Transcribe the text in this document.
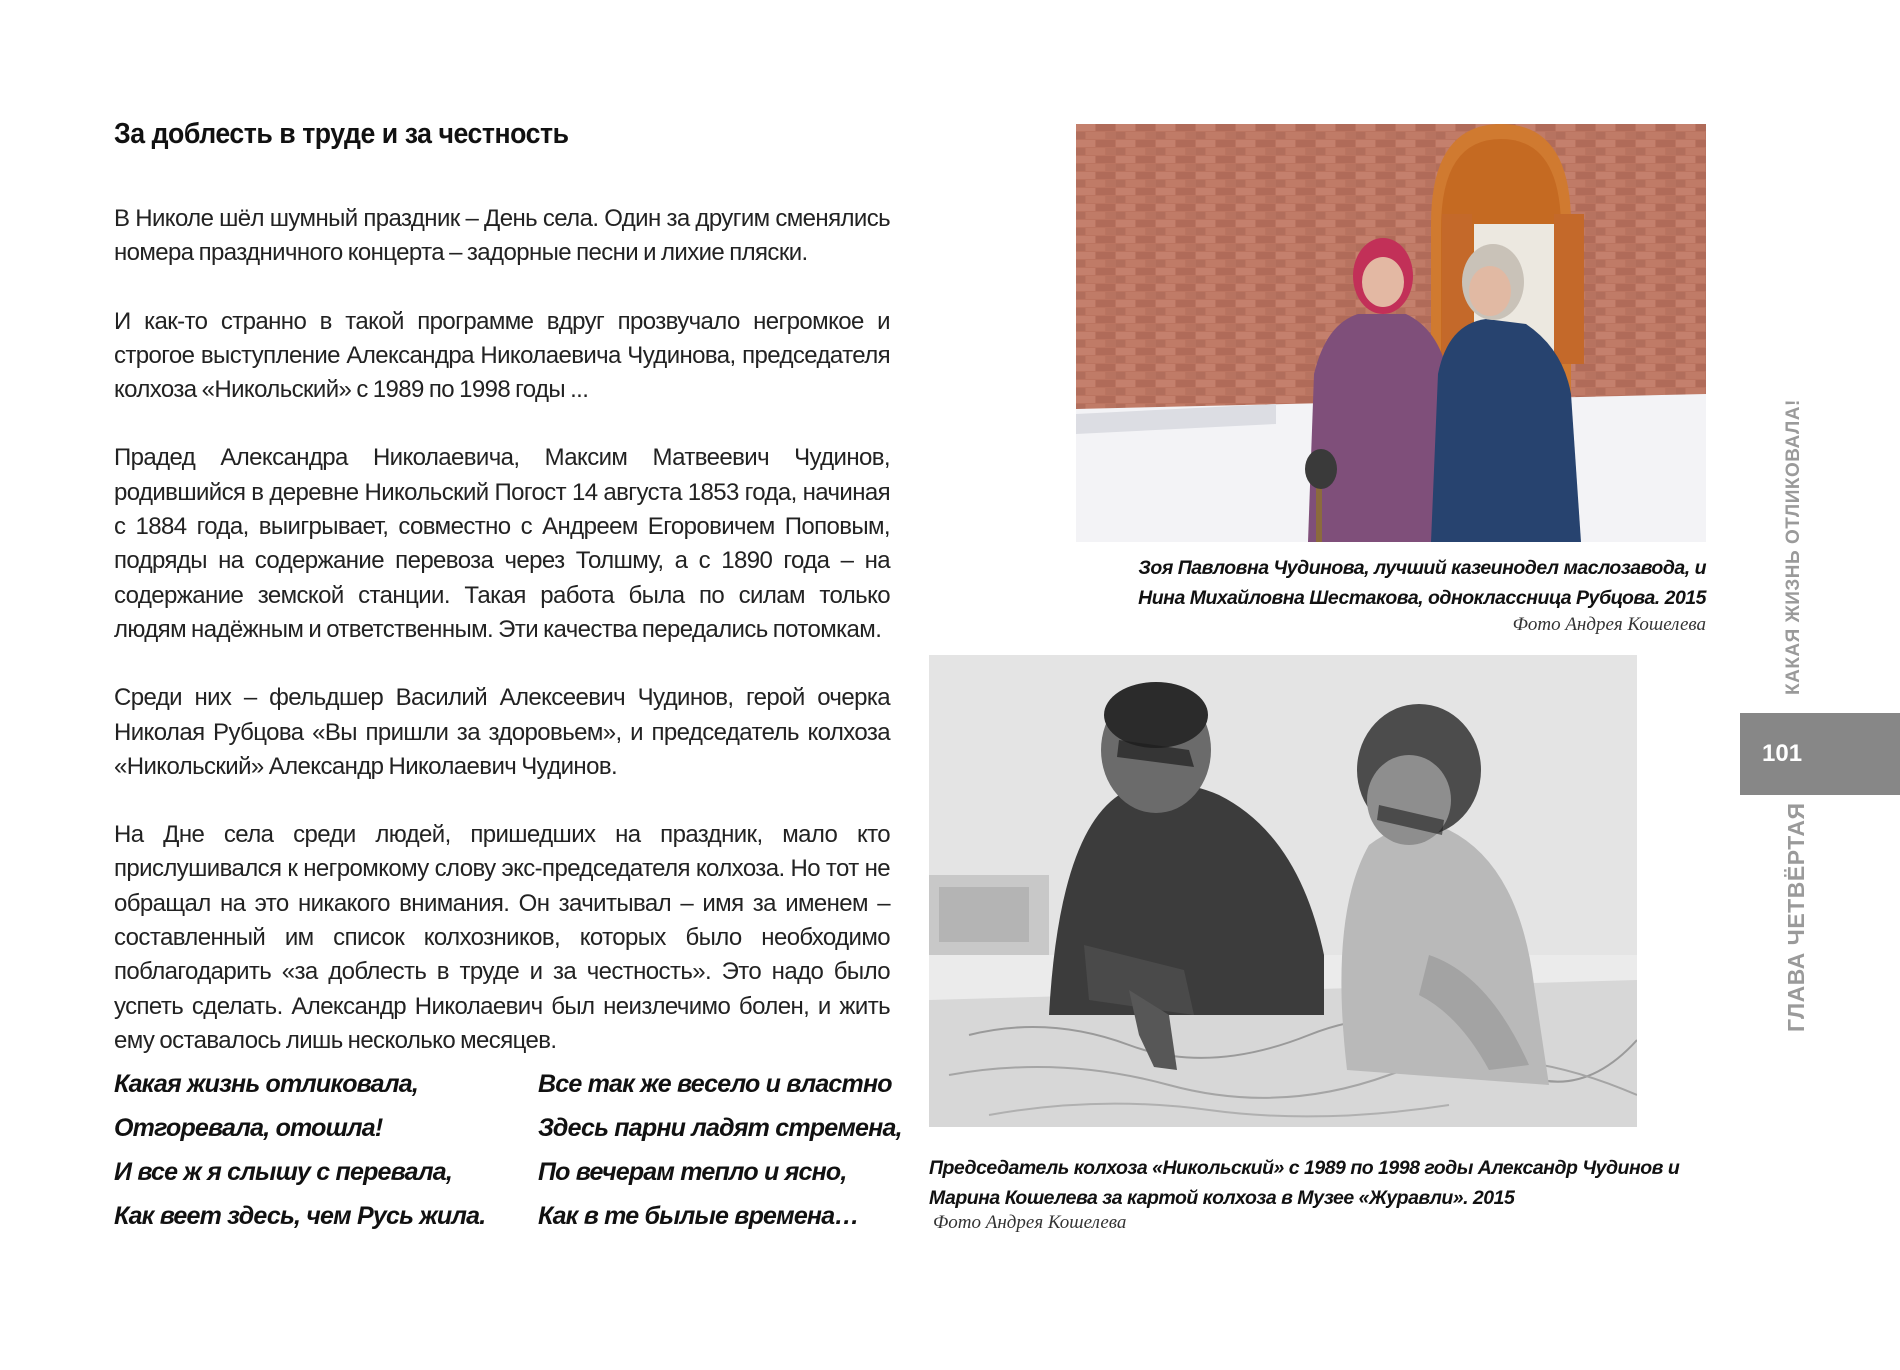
За доблесть в труде и за честность

В Николе шёл шумный праздник – День села. Один за другим сменялись номера праздничного концерта – задорные песни и лихие пляски.

И как-то странно в такой программе вдруг прозвучало негромкое и строгое выступление Александра Николаевича Чудинова, председателя колхоза «Никольский» с 1989 по 1998 годы ...

Прадед Александра Николаевича, Максим Матвеевич Чудинов, родившийся в деревне Никольский Погост 14 августа 1853 года, начиная с 1884 года, выигрывает, совместно с Андреем Егоровичем Поповым, подряды на содержание перевоза через Толшму, а с 1890 года – на содержание земской станции. Такая работа была по силам только людям надёжным и ответственным. Эти качества передались потомкам.

Среди них – фельдшер Василий Алексеевич Чудинов, герой очерка Николая Рубцова «Вы пришли за здоровьем», и председатель колхоза «Никольский» Александр Николаевич Чудинов.

На Дне села среди людей, пришедших на праздник, мало кто прислушивался к негромкому слову экс-председателя колхоза. Но тот не обращал на это никакого внимания. Он зачитывал – имя за именем – составленный им список колхозников, которых было необходимо поблагодарить «за доблесть в труде и за честность». Это надо было успеть сделать. Александр Николаевич был неизлечимо болен, и жить ему оставалось лишь несколько месяцев.

Какая жизнь отликовала,
Отгоревала, отошла!
И все ж я слышу с перевала,
Как веет здесь, чем Русь жила.
Все так же весело и властно
Здесь парни ладят стремена,
По вечерам тепло и ясно,
Как в те былые времена…
Зоя Павловна Чудинова, лучший казеинодел маслозавода, и
Нина Михайловна Шестакова, одноклассница Рубцова. 2015
Фото Андрея Кошелева
Председатель колхоза «Никольский» с 1989 по 1998 годы Александр Чудинов и
Марина Кошелева за картой колхоза в Музее «Журавли». 2015
Фото Андрея Кошелева
КАКАЯ ЖИЗНЬ ОТЛИКОВАЛА!
101
ГЛАВА ЧЕТВЁРТАЯ
